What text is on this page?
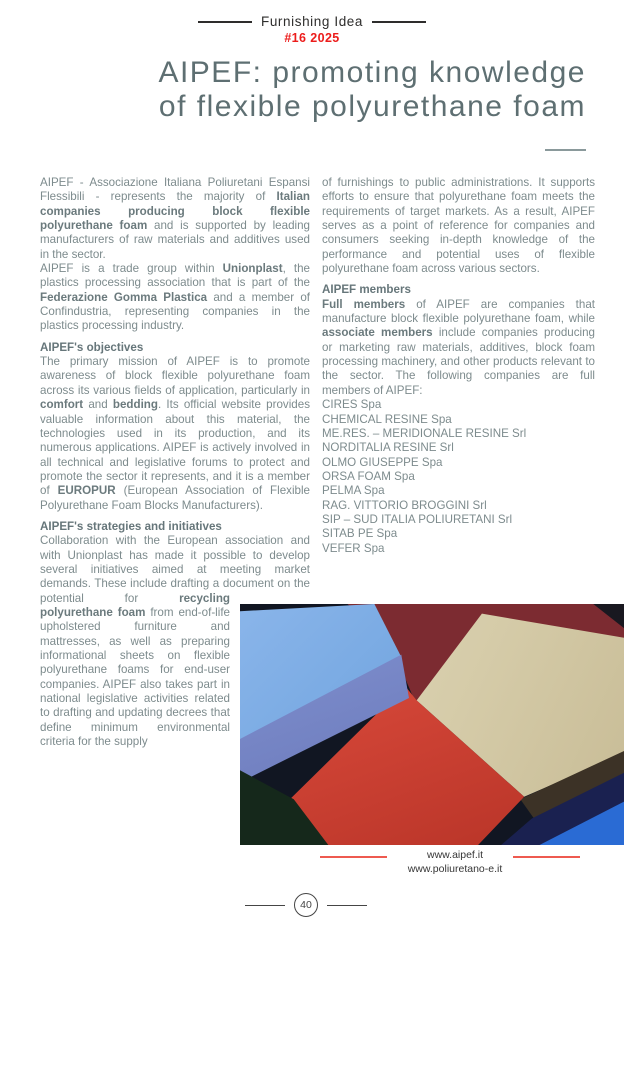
Furnishing Idea
#16 2025
AIPEF: promoting knowledge
of flexible polyurethane foam

AIPEF - Associazione Italiana Poliuretani Espansi Flessibili - represents the majority of Italian companies producing block flexible polyurethane foam and is supported by leading manufacturers of raw materials and additives used in the sector.

AIPEF is a trade group within Unionplast, the plastics processing association that is part of the Federazione Gomma Plastica and a member of Confindustria, representing companies in the plastics processing industry.

AIPEF's objectives

The primary mission of AIPEF is to promote awareness of block flexible polyurethane foam across its various fields of application, particularly in comfort and bedding. Its official website provides valuable information about this material, the technologies used in its production, and its numerous applications. AIPEF is actively involved in all technical and legislative forums to protect and promote the sector it represents, and it is a member of EUROPUR (European Association of Flexible Polyurethane Foam Blocks Manufacturers).

AIPEF's strategies and initiatives

Collaboration with the European association and with Unionplast has made it possible to develop several initiatives aimed at meeting market demands. These include drafting a document on the potential for recycling polyurethane foam from end-of-life upholstered furniture and mattresses, as well as preparing informational sheets on flexible polyurethane foams for end-user companies. AIPEF also takes part in national legislative activities related to drafting and updating decrees that define minimum environmental criteria for the supply

of furnishings to public administrations. It supports efforts to ensure that polyurethane foam meets the requirements of target markets. As a result, AIPEF serves as a point of reference for companies and consumers seeking in-depth knowledge of the performance and potential uses of flexible polyurethane foam across various sectors.

AIPEF members

Full members of AIPEF are companies that manufacture block flexible polyurethane foam, while associate members include companies producing or marketing raw materials, additives, block foam processing machinery, and other products relevant to the sector. The following companies are full members of AIPEF:

CIRES Spa
CHEMICAL RESINE Spa
ME.RES. – MERIDIONALE RESINE Srl
NORDITALIA RESINE Srl
OLMO GIUSEPPE Spa
ORSA FOAM Spa
PELMA Spa
RAG. VITTORIO BROGGINI Srl
SIP – SUD ITALIA POLIURETANI Srl
SITAB PE Spa
VEFER Spa
www.aipef.it
www.poliuretano-e.it
40
